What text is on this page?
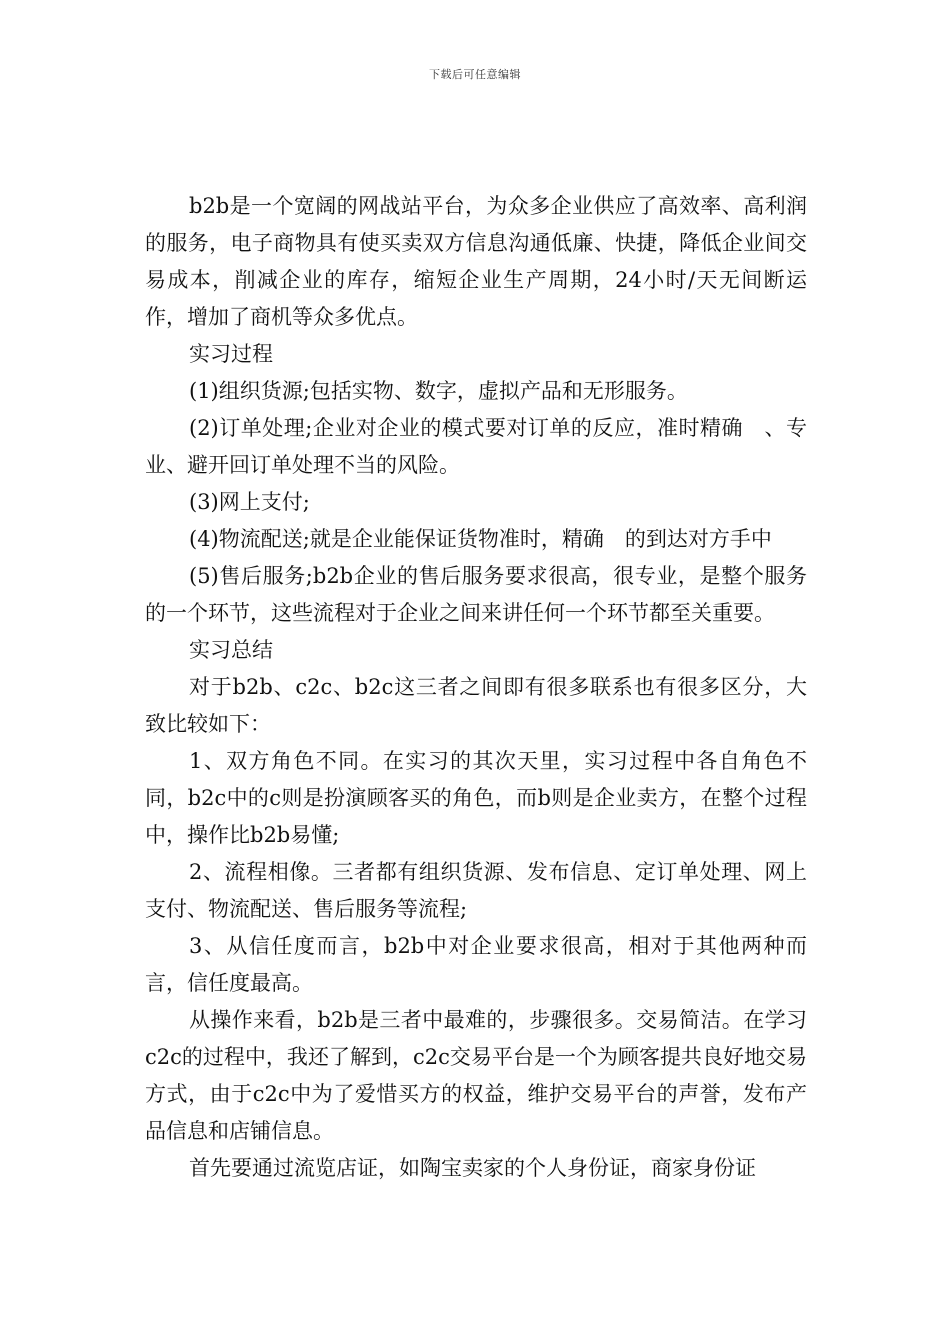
下载后可任意编辑

b2b是一个宽阔的网战站平台，为众多企业供应了高效率、高利润的服务，电子商物具有使买卖双方信息沟通低廉、快捷，降低企业间交易成本，削减企业的库存，缩短企业生产周期，24小时/天无间断运作，增加了商机等众多优点。

实习过程

(1)组织货源;包括实物、数字，虚拟产品和无形服务。

(2)订单处理;企业对企业的模式要对订单的反应，准时精确　、专业、避开回订单处理不当的风险。

(3)网上支付;

(4)物流配送;就是企业能保证货物准时，精确　的到达对方手中

(5)售后服务;b2b企业的售后服务要求很高，很专业，是整个服务的一个环节，这些流程对于企业之间来讲任何一个环节都至关重要。

实习总结

对于b2b、c2c、b2c这三者之间即有很多联系也有很多区分，大致比较如下：

1、双方角色不同。在实习的其次天里，实习过程中各自角色不同，b2c中的c则是扮演顾客买的角色，而b则是企业卖方，在整个过程中，操作比b2b易懂;

2、流程相像。三者都有组织货源、发布信息、定订单处理、网上支付、物流配送、售后服务等流程;

3、从信任度而言，b2b中对企业要求很高，相对于其他两种而言，信任度最高。

从操作来看，b2b是三者中最难的，步骤很多。交易简洁。在学习c2c的过程中，我还了解到，c2c交易平台是一个为顾客提共良好地交易方式，由于c2c中为了爱惜买方的权益，维护交易平台的声誉，发布产品信息和店铺信息。

首先要通过流览店证，如陶宝卖家的个人身份证，商家身份证
